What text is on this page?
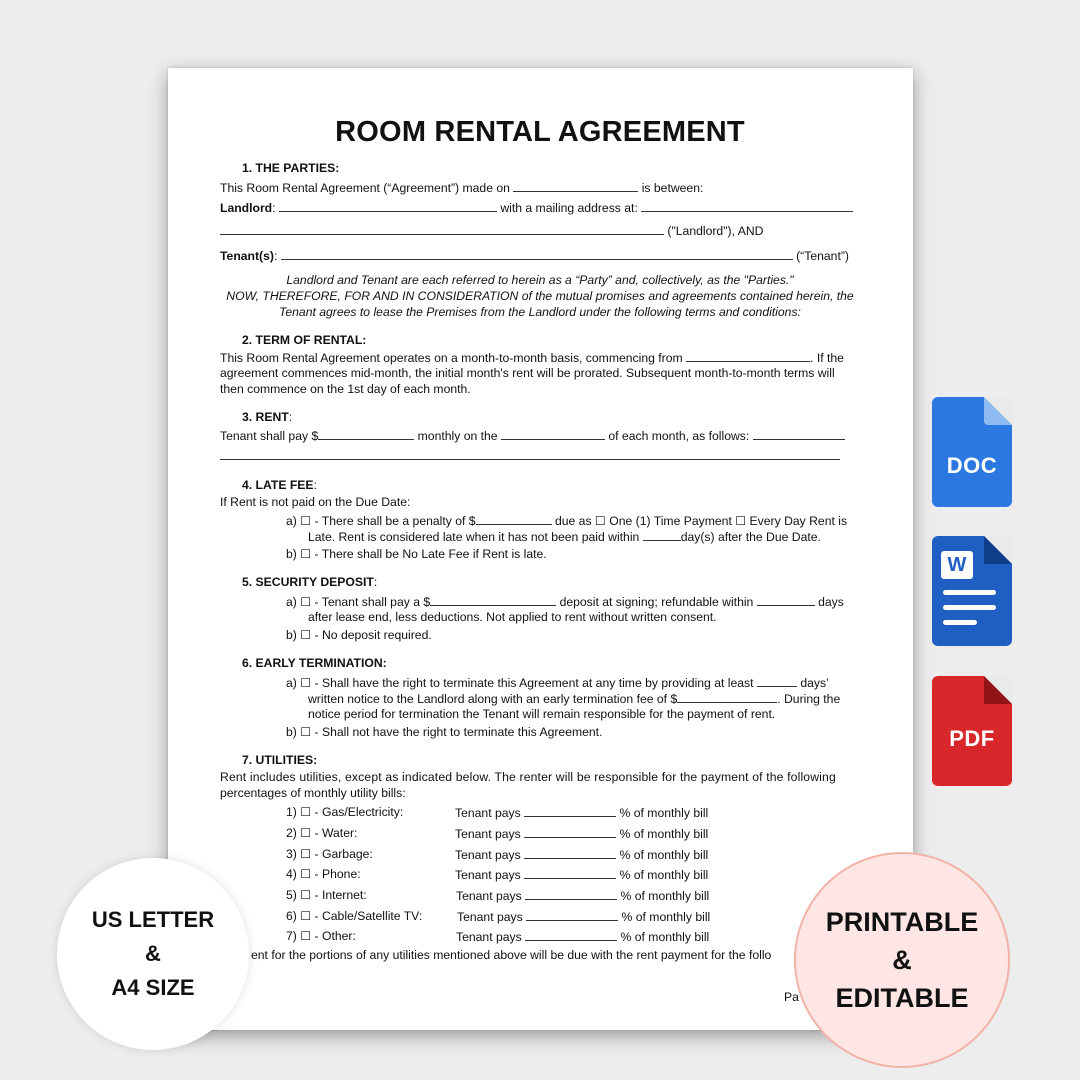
ROOM RENTAL AGREEMENT
1. THE PARTIES:
This Room Rental Agreement (“Agreement”) made on	is between:
Landlord:	with a mailing address at:
("Landlord"), AND
Tenant(s):	(“Tenant”)
Landlord and Tenant are each referred to herein as a “Party” and, collectively, as the "Parties."
NOW, THEREFORE, FOR AND IN CONSIDERATION of the mutual promises and agreements contained herein, the
Tenant agrees to lease the Premises from the Landlord under the following terms and conditions:
2. TERM OF RENTAL:
This Room Rental Agreement operates on a month-to-month basis, commencing from	. If the
agreement commences mid-month, the initial month's rent will be prorated. Subsequent month-to-month terms will
then commence on the 1st day of each month.
3. RENT:
Tenant shall pay $	monthly on the	of each month, as follows:
4. LATE FEE:
If Rent is not paid on the Due Date:
a) ☐ - There shall be a penalty of $	due as ☐ One (1) Time Payment ☐ Every Day Rent is
Late. Rent is considered late when it has not been paid within	day(s) after the Due Date.
b) ☐ - There shall be No Late Fee if Rent is late.
5. SECURITY DEPOSIT:
a) ☐ - Tenant shall pay a $	deposit at signing; refundable within	days
after lease end, less deductions. Not applied to rent without written consent.
b) ☐ - No deposit required.
6. EARLY TERMINATION:
a) ☐ - Shall have the right to terminate this Agreement at any time by providing at least	days’
written notice to the Landlord along with an early termination fee of $	. During the
notice period for termination the Tenant will remain responsible for the payment of rent.
b) ☐ - Shall not have the right to terminate this Agreement.
7. UTILITIES:
Rent includes utilities, except as indicated below. The renter will be responsible for the payment of the following
percentages of monthly utility bills:
1) ☐ - Gas/Electricity:	Tenant pays	% of monthly bill
2) ☐ - Water:	Tenant pays	% of monthly bill
3) ☐ - Garbage:	Tenant pays	% of monthly bill
4) ☐ - Phone:	Tenant pays	% of monthly bill
5) ☐ - Internet:	Tenant pays	% of monthly bill
6) ☐ - Cable/Satellite TV:	Tenant pays	% of monthly bill
7) ☐ - Other:	Tenant pays	% of monthly bill
ent for the portions of any utilities mentioned above will be due with the rent payment for the follo
Pa
DOC
W
PDF
US LETTER
&
A4 SIZE
PRINTABLE
&
EDITABLE
